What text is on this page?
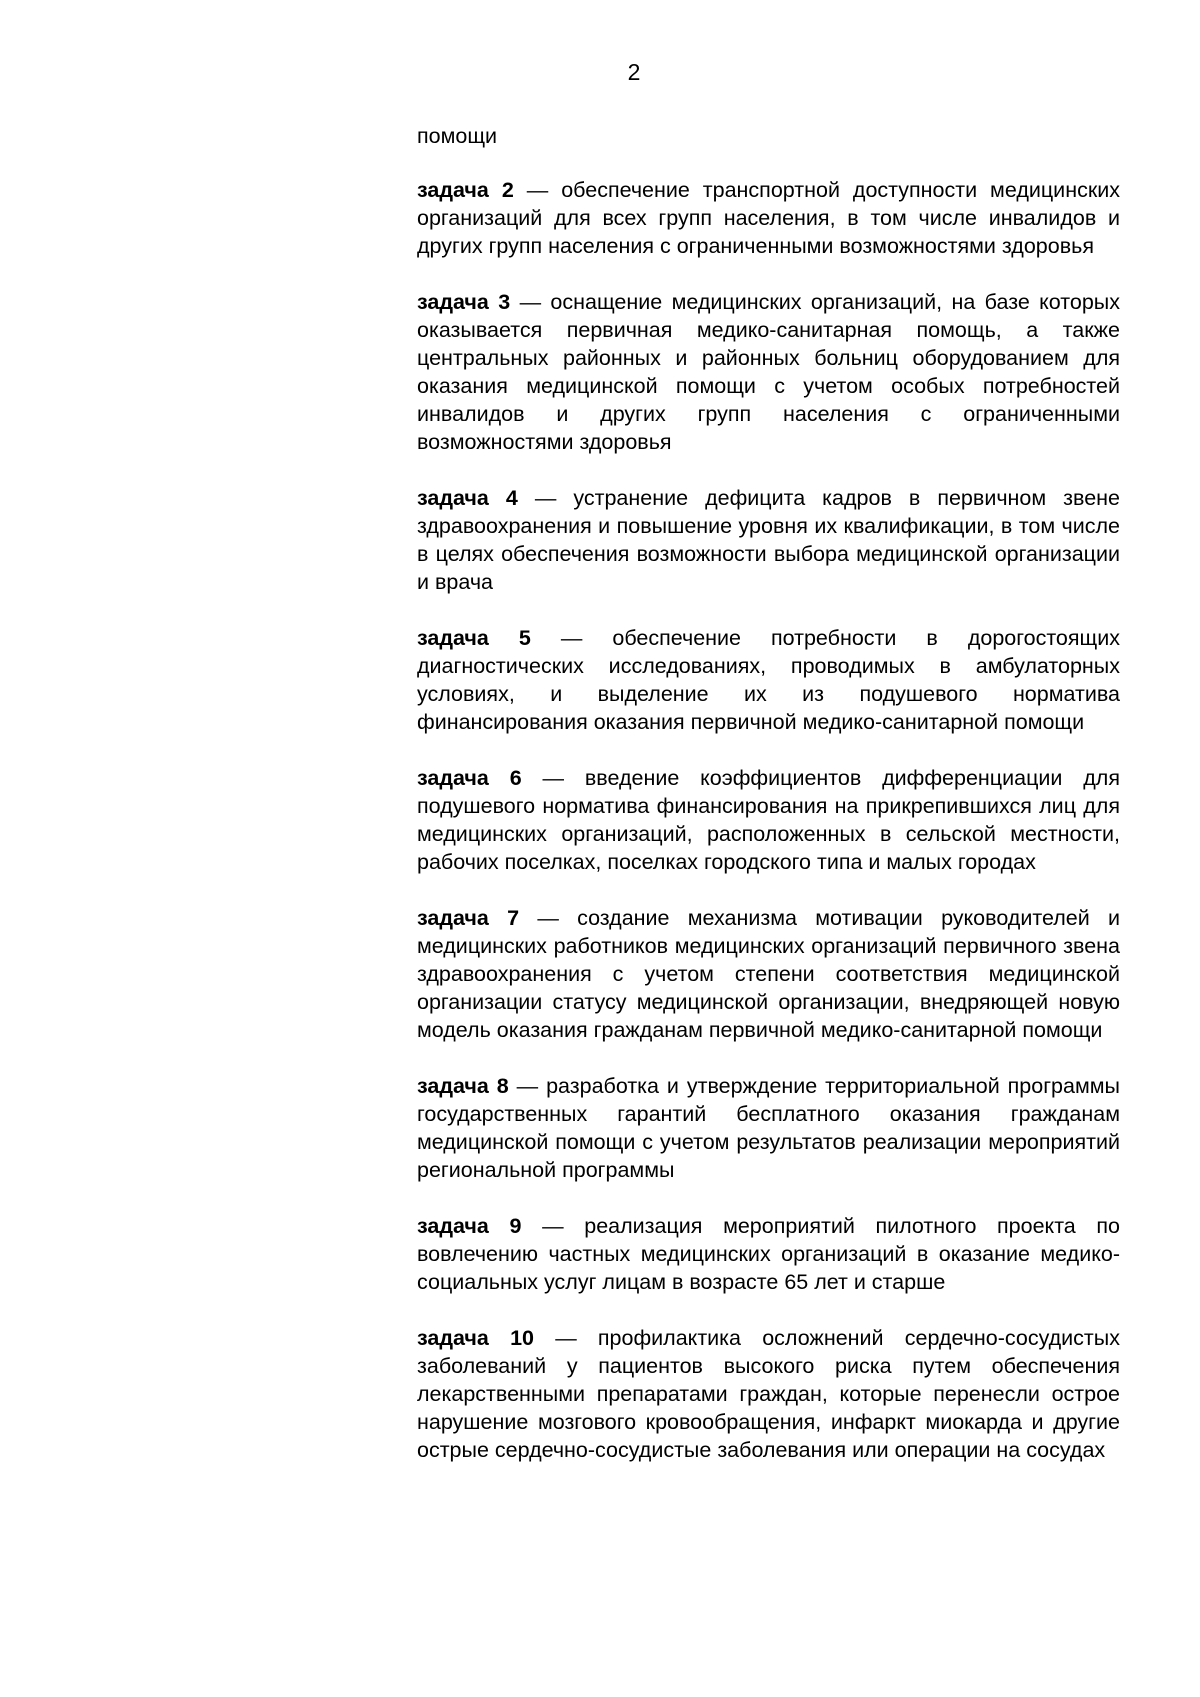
2

помощи

задача 2 — обеспечение транспортной доступности медицинских организаций для всех групп населения, в том числе инвалидов и других групп населения с ограниченными возможностями здоровья

задача 3 — оснащение медицинских организаций, на базе которых оказывается первичная медико-санитарная помощь, а также центральных районных и районных больниц оборудованием для оказания медицинской помощи с учетом особых потребностей инвалидов и других групп населения с ограниченными возможностями здоровья

задача 4 — устранение дефицита кадров в первичном звене здравоохранения и повышение уровня их квалификации, в том числе в целях обеспечения возможности выбора медицинской организации и врача

задача 5 — обеспечение потребности в дорогостоящих диагностических исследованиях, проводимых в амбулаторных условиях, и выделение их из подушевого норматива финансирования оказания первичной медико-санитарной помощи

задача 6 — введение коэффициентов дифференциации для подушевого норматива финансирования на прикрепившихся лиц для медицинских организаций, расположенных в сельской местности, рабочих поселках, поселках городского типа и малых городах

задача 7 — создание механизма мотивации руководителей и медицинских работников медицинских организаций первичного звена здравоохранения с учетом степени соответствия медицинской организации статусу медицинской организации, внедряющей новую модель оказания гражданам первичной медико-санитарной помощи

задача 8 — разработка и утверждение территориальной программы государственных гарантий бесплатного оказания гражданам медицинской помощи с учетом результатов реализации мероприятий региональной программы

задача 9 — реализация мероприятий пилотного проекта по вовлечению частных медицинских организаций в оказание медико-социальных услуг лицам в возрасте 65 лет и старше

задача 10 — профилактика осложнений сердечно-сосудистых заболеваний у пациентов высокого риска путем обеспечения лекарственными препаратами граждан, которые перенесли острое нарушение мозгового кровообращения, инфаркт миокарда и другие острые сердечно-сосудистые заболевания или операции на сосудах
